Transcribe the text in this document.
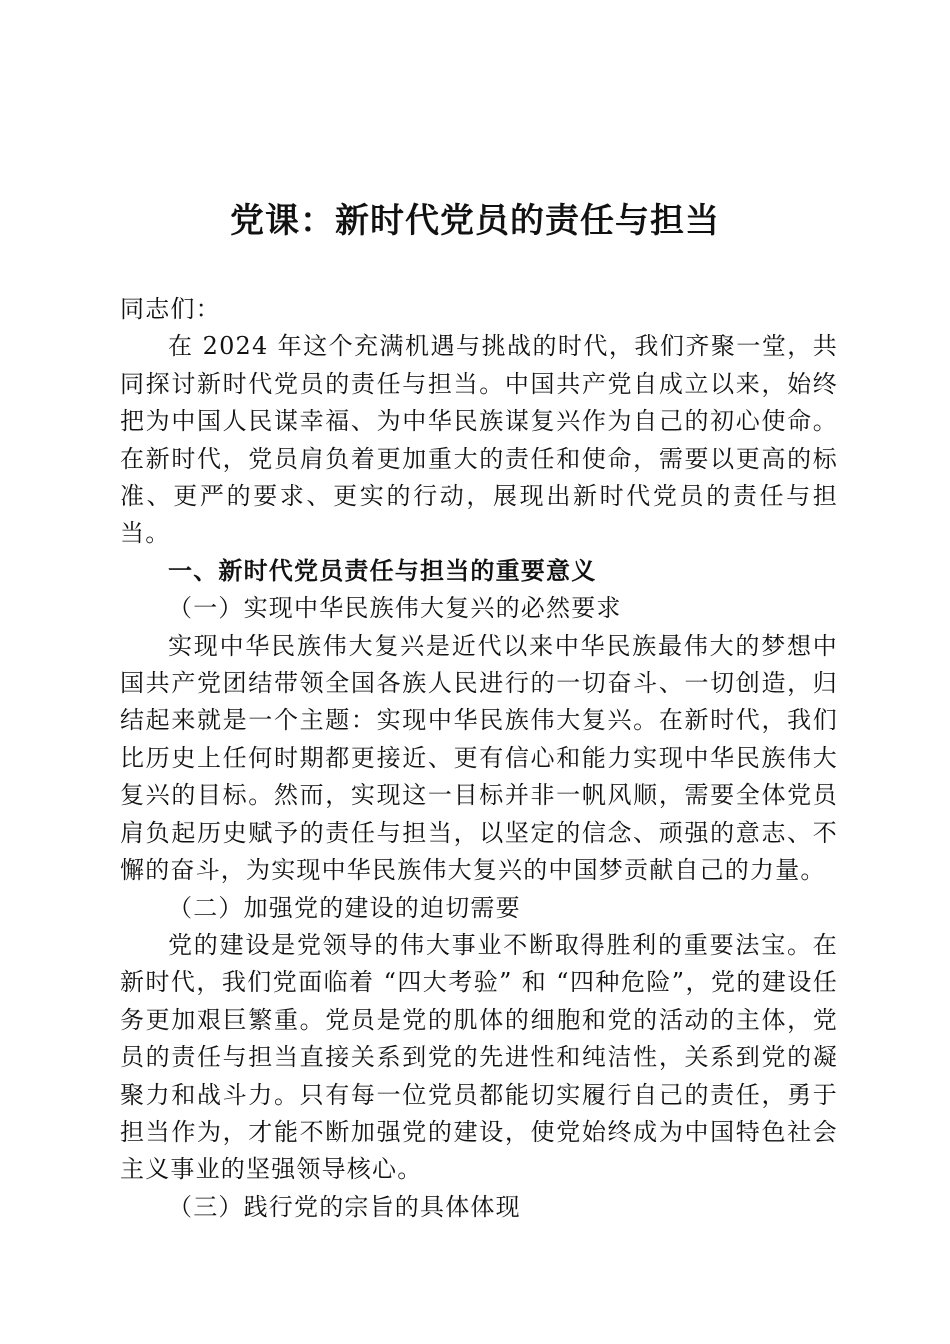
党课：新时代党员的责任与担当

同志们：

在 2024 年这个充满机遇与挑战的时代，我们齐聚一堂，共同探讨新时代党员的责任与担当。中国共产党自成立以来，始终把为中国人民谋幸福、为中华民族谋复兴作为自己的初心使命。在新时代，党员肩负着更加重大的责任和使命，需要以更高的标准、更严的要求、更实的行动，展现出新时代党员的责任与担当。

一、新时代党员责任与担当的重要意义

（一）实现中华民族伟大复兴的必然要求

实现中华民族伟大复兴是近代以来中华民族最伟大的梦想中国共产党团结带领全国各族人民进行的一切奋斗、一切创造，归结起来就是一个主题：实现中华民族伟大复兴。在新时代，我们比历史上任何时期都更接近、更有信心和能力实现中华民族伟大复兴的目标。然而，实现这一目标并非一帆风顺，需要全体党员肩负起历史赋予的责任与担当，以坚定的信念、顽强的意志、不懈的奋斗，为实现中华民族伟大复兴的中国梦贡献自己的力量。

（二）加强党的建设的迫切需要

党的建设是党领导的伟大事业不断取得胜利的重要法宝。在新时代，我们党面临着 “四大考验” 和 “四种危险”，党的建设任务更加艰巨繁重。党员是党的肌体的细胞和党的活动的主体，党员的责任与担当直接关系到党的先进性和纯洁性，关系到党的凝聚力和战斗力。只有每一位党员都能切实履行自己的责任，勇于担当作为，才能不断加强党的建设，使党始终成为中国特色社会主义事业的坚强领导核心。

（三）践行党的宗旨的具体体现
